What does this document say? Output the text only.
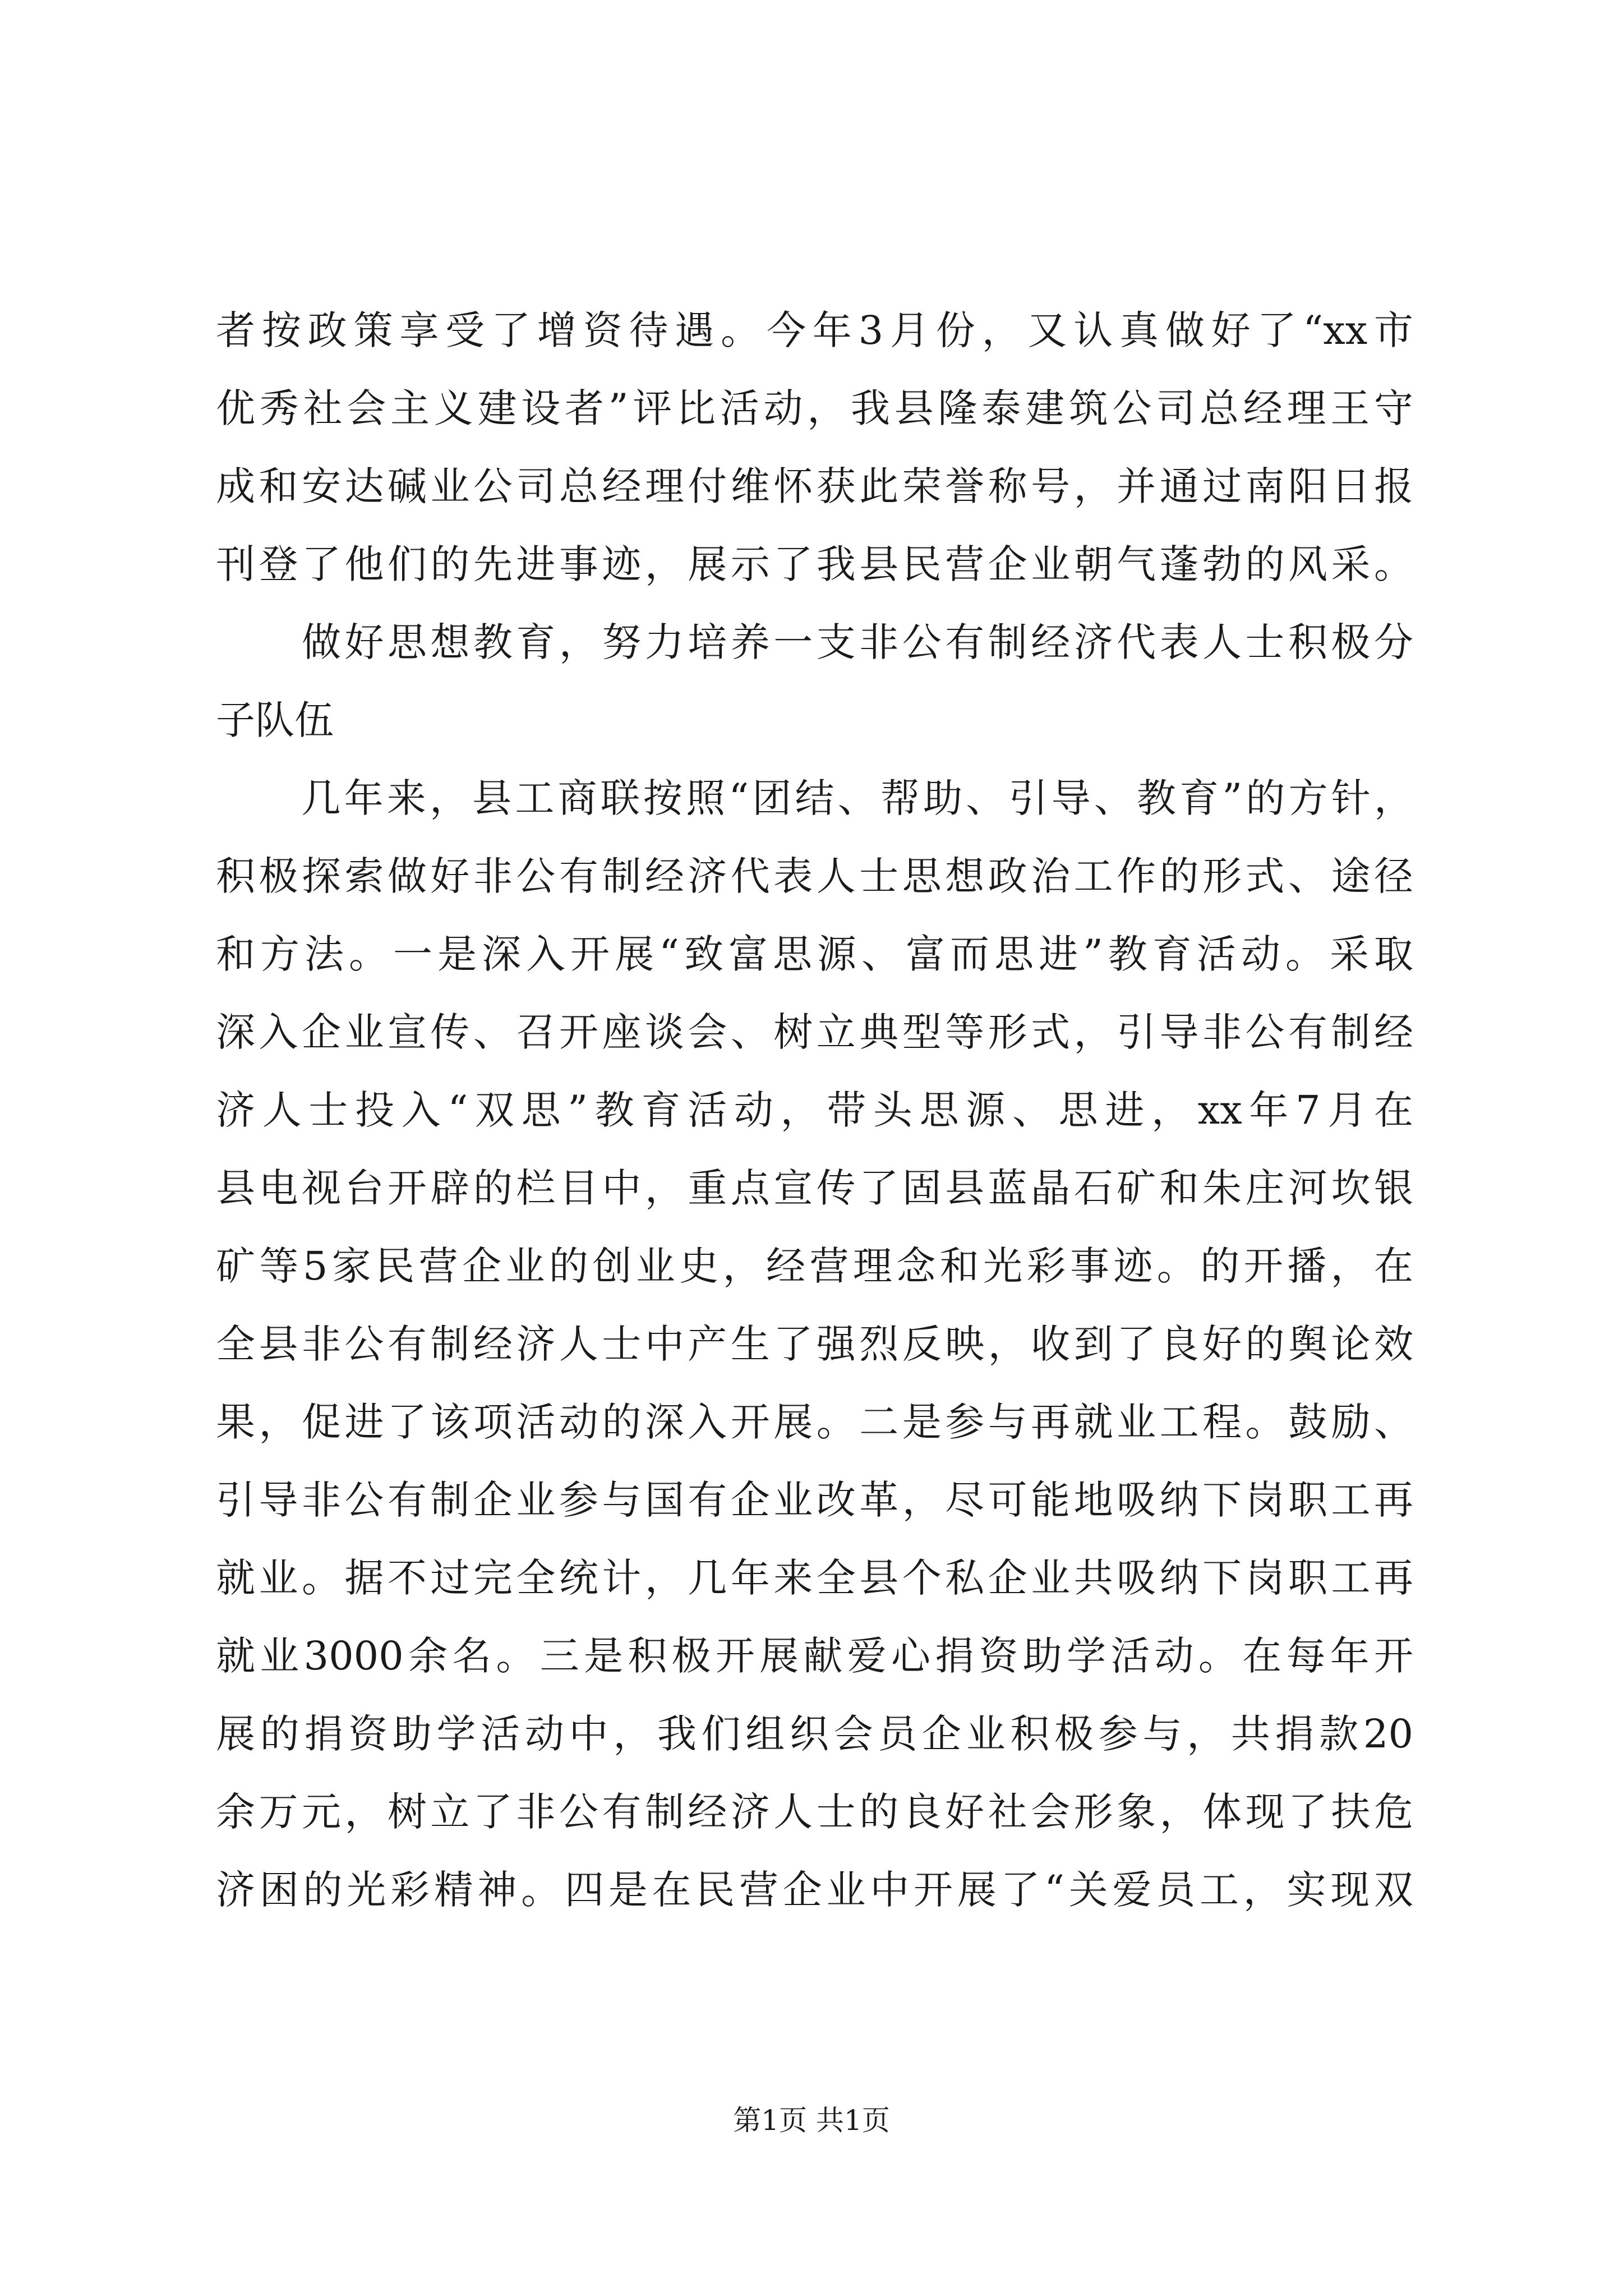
者按政策享受了增资待遇。今年3月份，又认真做好了“xx市
优秀社会主义建设者”评比活动，我县隆泰建筑公司总经理王守
成和安达碱业公司总经理付维怀获此荣誉称号，并通过南阳日报
刊登了他们的先进事迹，展示了我县民营企业朝气蓬勃的风采。
　　做好思想教育，努力培养一支非公有制经济代表人士积极分
子队伍
　　几年来，县工商联按照“团结、帮助、引导、教育”的方针，
积极探索做好非公有制经济代表人士思想政治工作的形式、途径
和方法。一是深入开展“致富思源、富而思进”教育活动。采取
深入企业宣传、召开座谈会、树立典型等形式，引导非公有制经
济人士投入“双思”教育活动，带头思源、思进，xx年7月在
县电视台开辟的栏目中，重点宣传了固县蓝晶石矿和朱庄河坎银
矿等5家民营企业的创业史，经营理念和光彩事迹。的开播，在
全县非公有制经济人士中产生了强烈反映，收到了良好的舆论效
果，促进了该项活动的深入开展。二是参与再就业工程。鼓励、
引导非公有制企业参与国有企业改革，尽可能地吸纳下岗职工再
就业。据不过完全统计，几年来全县个私企业共吸纳下岗职工再
就业3000余名。三是积极开展献爱心捐资助学活动。在每年开
展的捐资助学活动中，我们组织会员企业积极参与，共捐款20
余万元，树立了非公有制经济人士的良好社会形象，体现了扶危
济困的光彩精神。四是在民营企业中开展了“关爱员工，实现双
第1页 共1页
